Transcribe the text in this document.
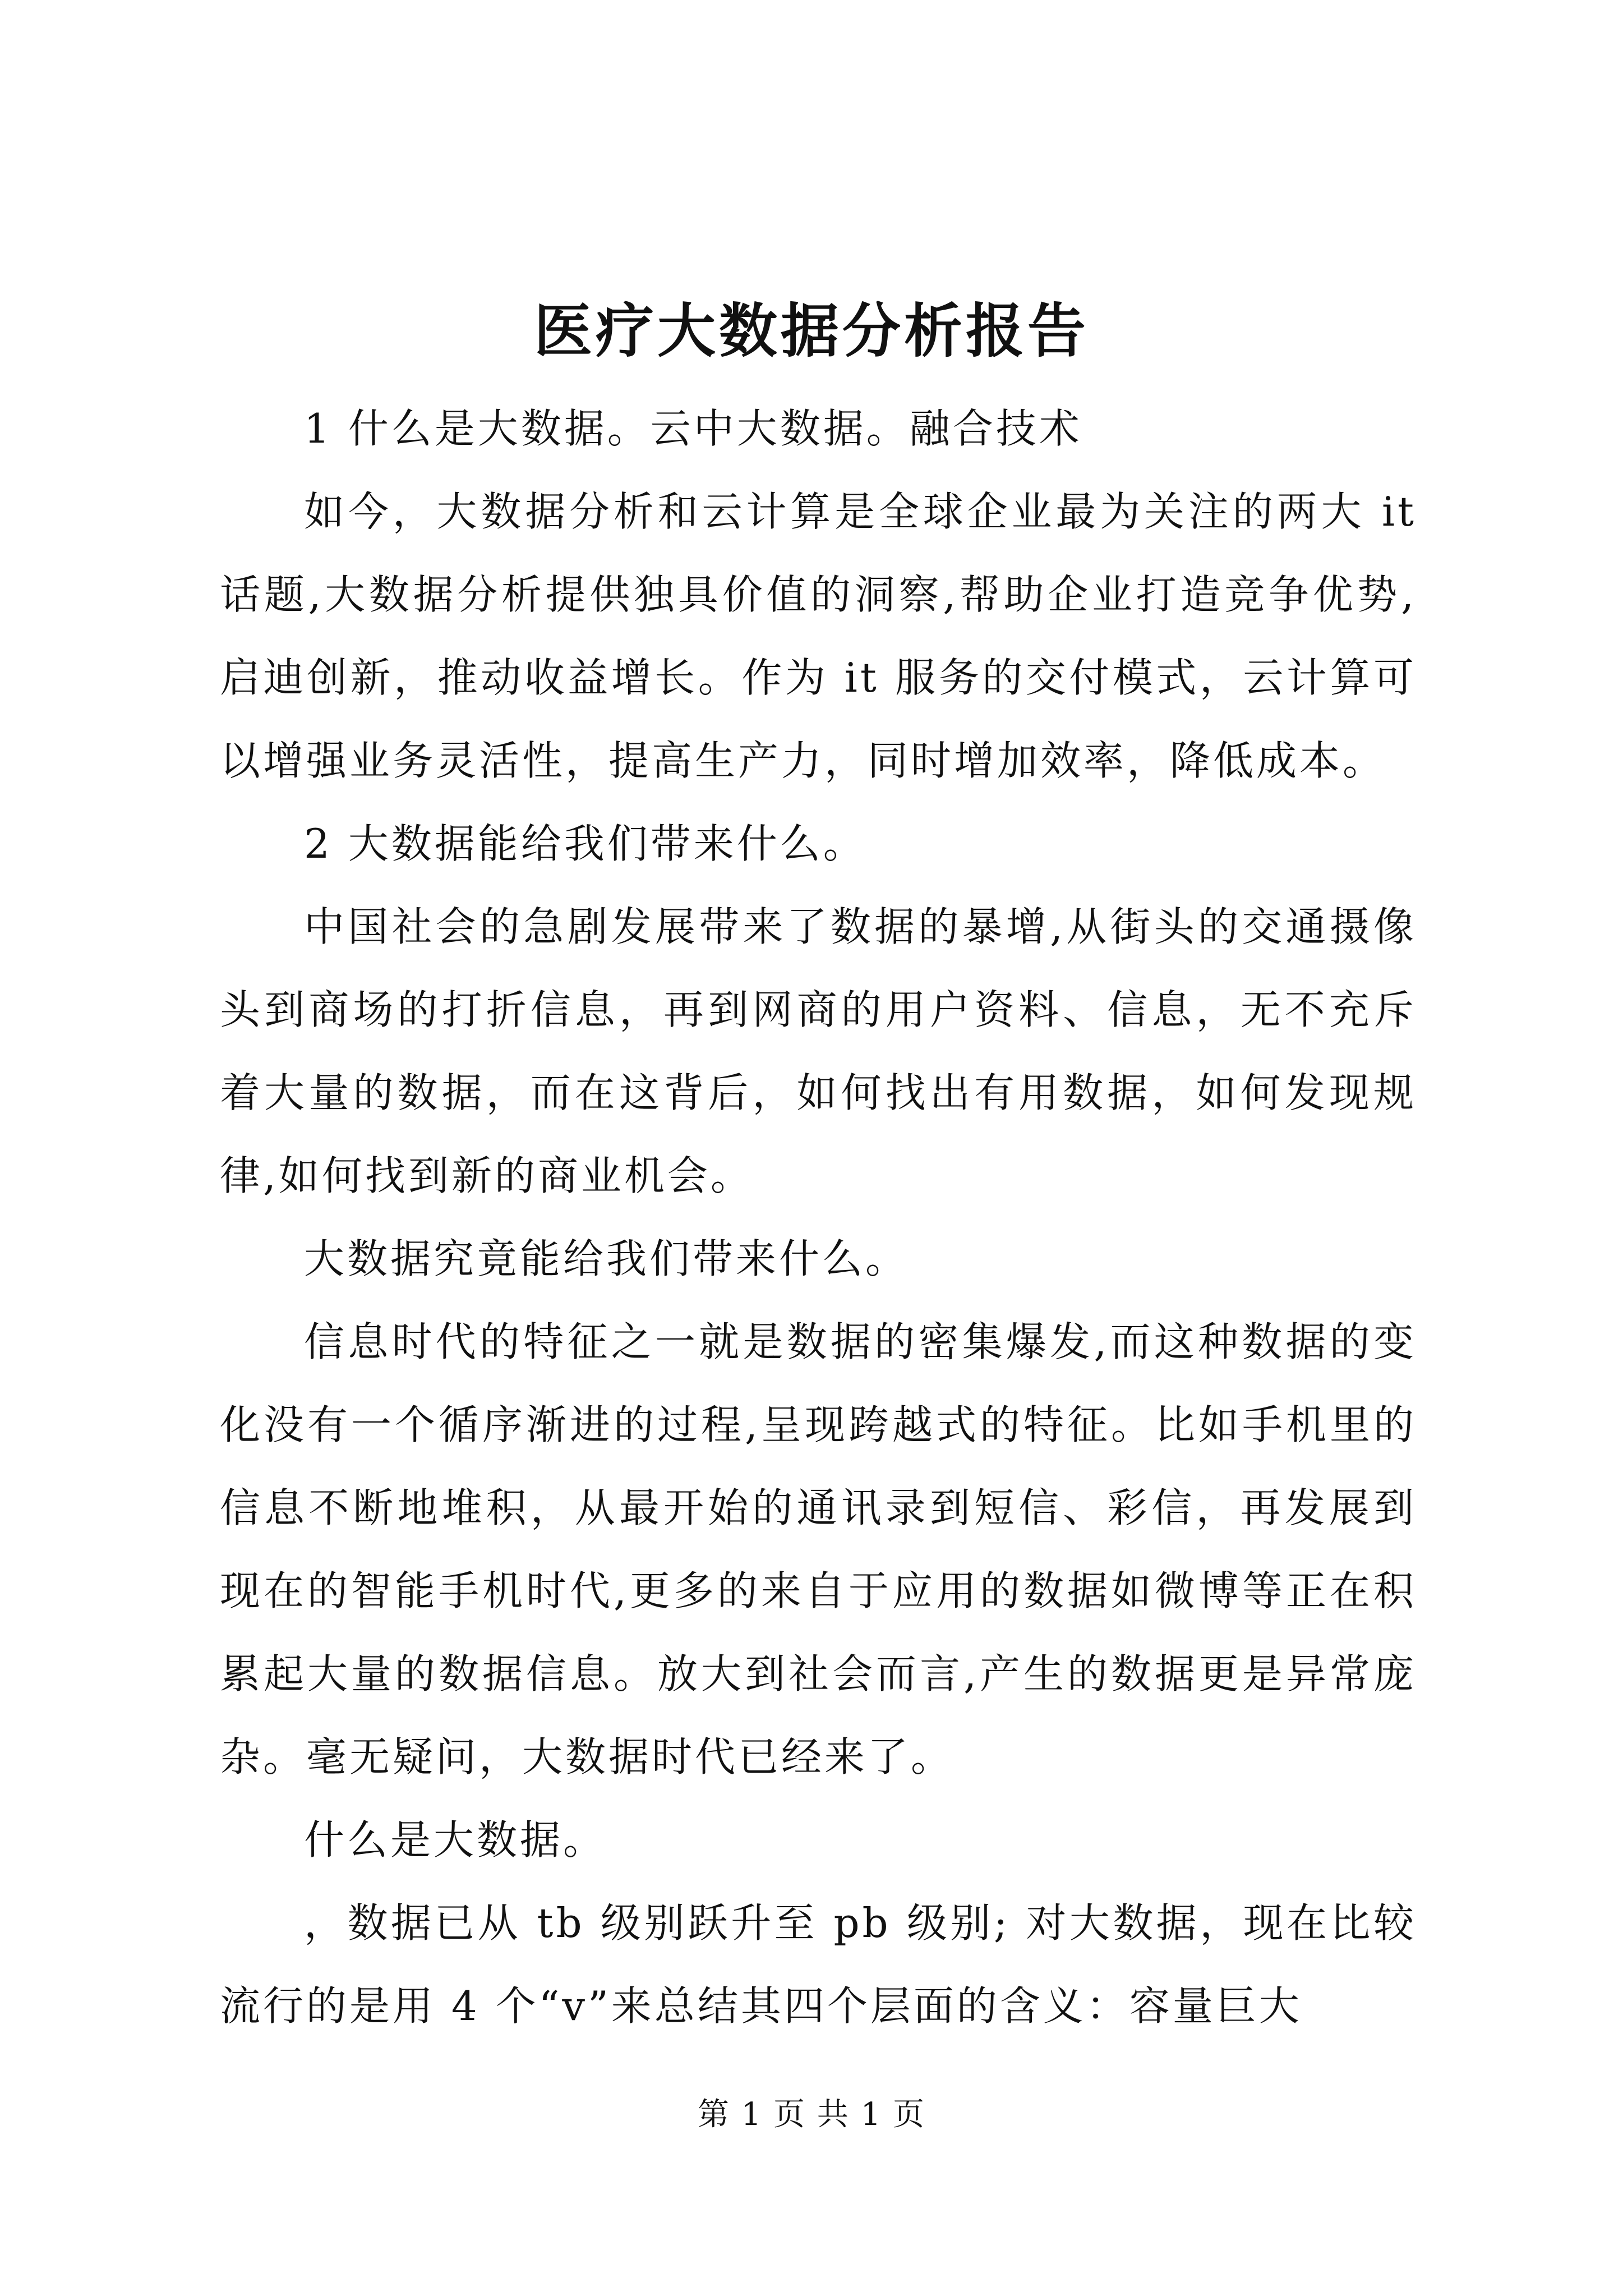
医疗大数据分析报告

1 什么是大数据。云中大数据。融合技术

如今，大数据分析和云计算是全球企业最为关注的两大 it 话题,大数据分析提供独具价值的洞察,帮助企业打造竞争优势,启迪创新，推动收益增长。作为 it 服务的交付模式，云计算可以增强业务灵活性，提高生产力，同时增加效率，降低成本。

2 大数据能给我们带来什么。

中国社会的急剧发展带来了数据的暴增,从街头的交通摄像头到商场的打折信息，再到网商的用户资料、信息，无不充斥着大量的数据，而在这背后，如何找出有用数据，如何发现规律,如何找到新的商业机会。

大数据究竟能给我们带来什么。

信息时代的特征之一就是数据的密集爆发,而这种数据的变化没有一个循序渐进的过程,呈现跨越式的特征。比如手机里的信息不断地堆积，从最开始的通讯录到短信、彩信，再发展到现在的智能手机时代,更多的来自于应用的数据如微博等正在积累起大量的数据信息。放大到社会而言,产生的数据更是异常庞杂。毫无疑问，大数据时代已经来了。

什么是大数据。

，数据已从 tb 级别跃升至 pb 级别; 对大数据，现在比较流行的是用 4 个“v”来总结其四个层面的含义：容量巨大

第 1 页 共 1 页
